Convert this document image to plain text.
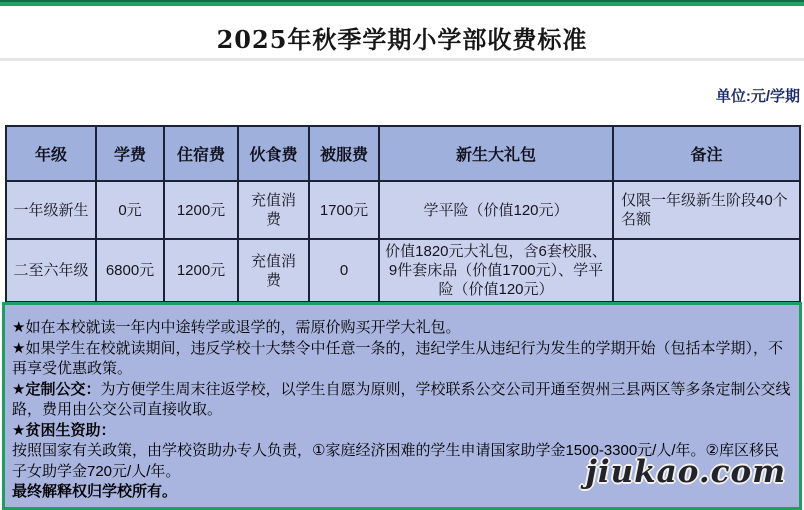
2025年秋季学期小学部收费标准
单位:元/学期
年级	学费	住宿费	伙食费	被服费	新生大礼包	备注
一年级新生	0元	1200元	充值消费	1700元	学平险（价值120元）	仅限一年级新生阶段40个名额
二至六年级	6800元	1200元	充值消费	0	价值1820元大礼包，含6套校服、9件套床品（价值1700元）、学平险（价值120元）	

★如在本校就读一年内中途转学或退学的，需原价购买开学大礼包。

★如果学生在校就读期间，违反学校十大禁令中任意一条的，违纪学生从违纪行为发生的学期开始（包括本学期），不再享受优惠政策。

★定制公交：为方便学生周末往返学校，以学生自愿为原则，学校联系公交公司开通至贺州三县两区等多条定制公交线路，费用由公交公司直接收取。

★贫困生资助：

按照国家有关政策，由学校资助办专人负责，①家庭经济困难的学生申请国家助学金1500-3300元/人/年。②库区移民子女助学金720元/人/年。

最终解释权归学校所有。

jiukao.com
